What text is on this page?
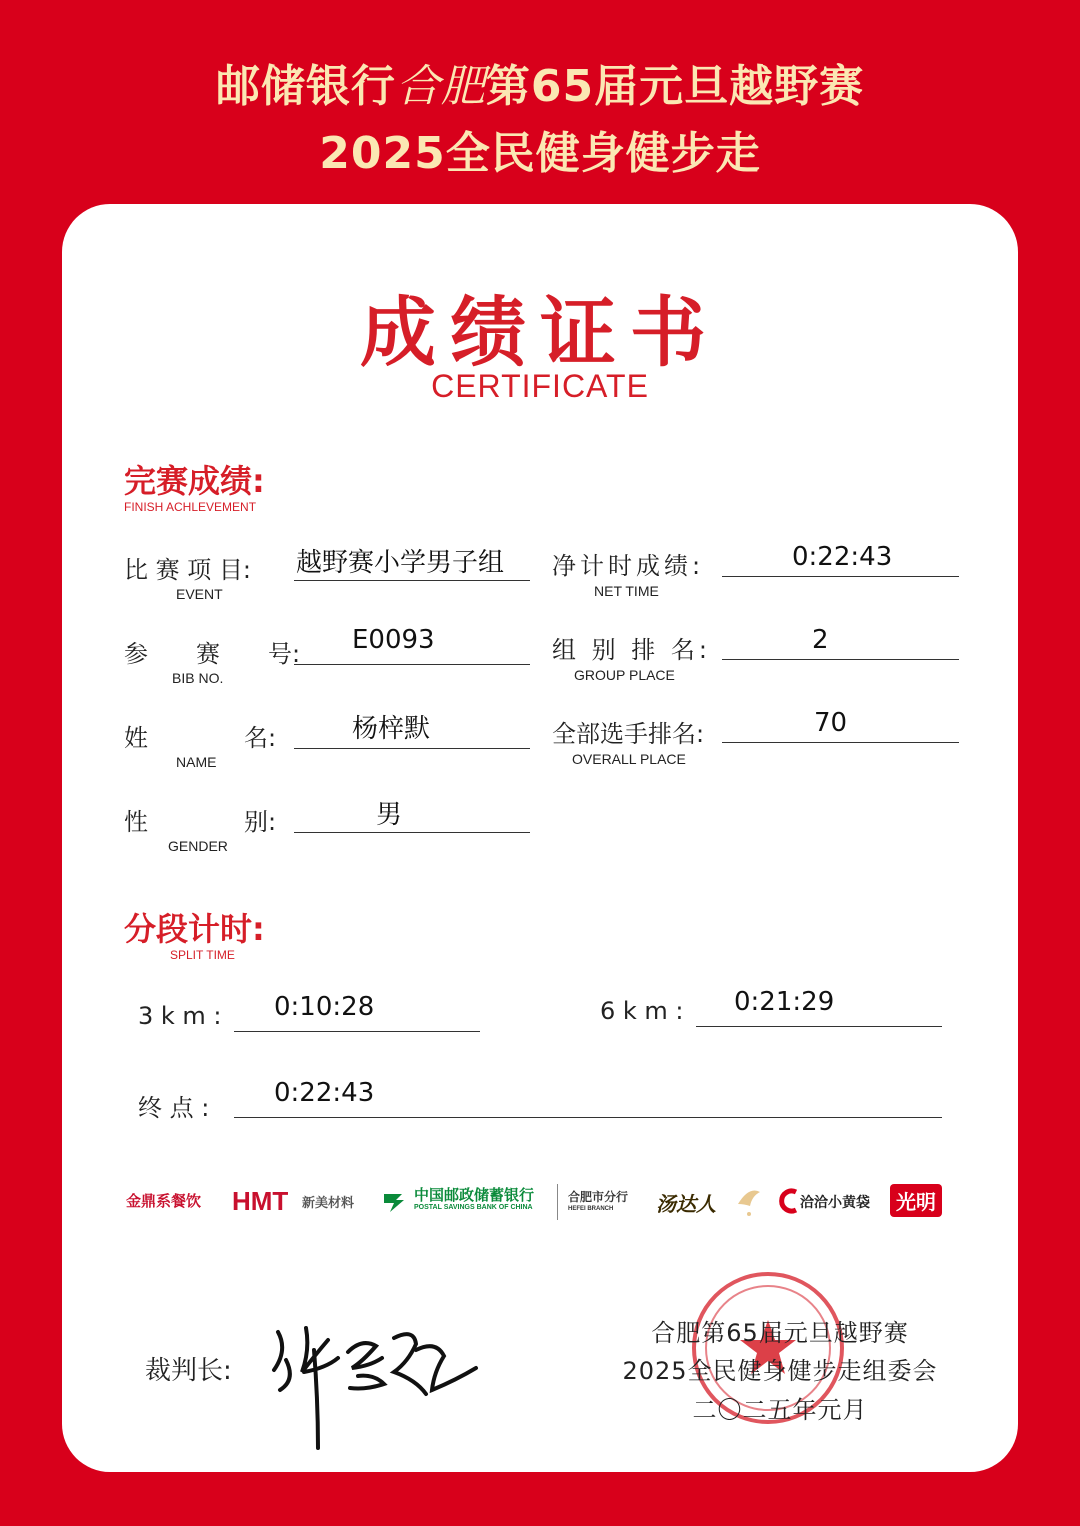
邮储银行合肥第65届元旦越野赛
2025全民健身健步走
成绩证书
CERTIFICATE
完赛成绩:
FINISH ACHLEVEMENT
比 赛 项 目:
EVENT
越野赛小学男子组
参　　赛　　号:
BIB NO.
E0093
姓　　　　名:
NAME
杨梓默
性　　　　别:
GENDER
男
净计时成绩:
NET TIME
0:22:43
组 别 排 名:
GROUP PLACE
2
全部选手排名:
OVERALL PLACE
70
分段计时:
SPLIT TIME
3 k m : 0:10:28	6 k m : 0:21:29
终 点 : 0:22:43
金鼎系餐饮 HMT 新美材料	中国邮政储蓄银行
POSTAL SAVINGS BANK OF CHINA
合肥市分行
HEFEI BRANCH 汤达人	洽洽小黄袋	光明
裁判长:
合肥第65届元旦越野赛
2025全民健身健步走组委会
二〇二五年元月
